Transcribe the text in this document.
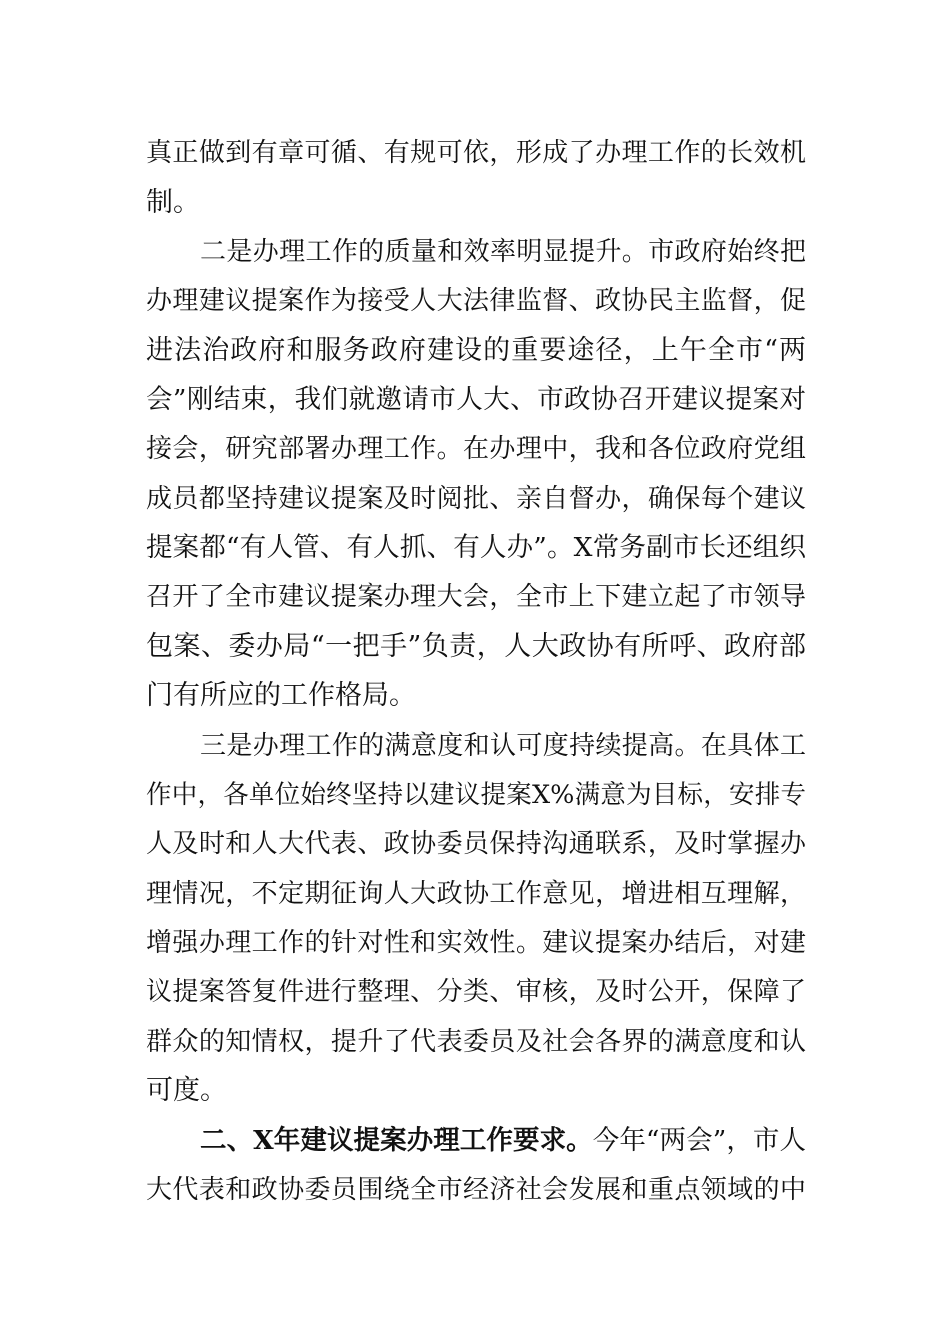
真正做到有章可循、有规可依，形成了办理工作的长效机
制。
二是办理工作的质量和效率明显提升。市政府始终把
办理建议提案作为接受人大法律监督、政协民主监督，促
进法治政府和服务政府建设的重要途径，上午全市“两
会”刚结束，我们就邀请市人大、市政协召开建议提案对
接会，研究部署办理工作。在办理中，我和各位政府党组
成员都坚持建议提案及时阅批、亲自督办，确保每个建议
提案都“有人管、有人抓、有人办”。X常务副市长还组织
召开了全市建议提案办理大会，全市上下建立起了市领导
包案、委办局“一把手”负责，人大政协有所呼、政府部
门有所应的工作格局。
三是办理工作的满意度和认可度持续提高。在具体工
作中，各单位始终坚持以建议提案X%满意为目标，安排专
人及时和人大代表、政协委员保持沟通联系，及时掌握办
理情况，不定期征询人大政协工作意见，增进相互理解，
增强办理工作的针对性和实效性。建议提案办结后，对建
议提案答复件进行整理、分类、审核，及时公开，保障了
群众的知情权，提升了代表委员及社会各界的满意度和认
可度。
二、X年建议提案办理工作要求。今年“两会”，市人
大代表和政协委员围绕全市经济社会发展和重点领域的中
